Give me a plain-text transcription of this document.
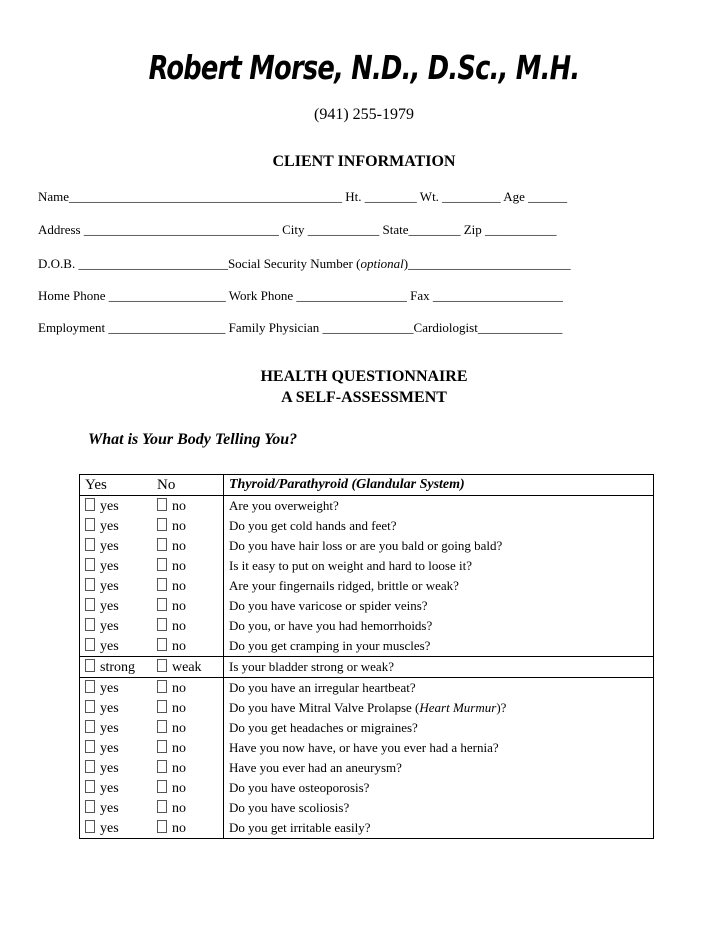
Robert Morse, N.D., D.Sc., M.H.
(941) 255-1979
CLIENT INFORMATION
Name__________________________________________ Ht. ________ Wt. _________ Age ______
Address ______________________________ City ___________ State________ Zip ___________
D.O.B. _______________________Social Security Number (optional)_________________________
Home Phone __________________ Work Phone _________________ Fax ____________________
Employment __________________ Family Physician ______________Cardiologist_____________
HEALTH QUESTIONNAIRE
A SELF-ASSESSMENT
What is Your Body Telling You?
Yes	No	Thyroid/Parathyroid (Glandular System)
yes	no	Are you overweight?
yes	no	Do you get cold hands and feet?
yes	no	Do you have hair loss or are you bald or going bald?
yes	no	Is it easy to put on weight and hard to loose it?
yes	no	Are your fingernails ridged, brittle or weak?
yes	no	Do you have varicose or spider veins?
yes	no	Do you, or have you had hemorrhoids?
yes	no	Do you get cramping in your muscles?
strong	weak	Is your bladder strong or weak?
yes	no	Do you have an irregular heartbeat?
yes	no	Do you have Mitral Valve Prolapse (Heart Murmur)?
yes	no	Do you get headaches or migraines?
yes	no	Have you now have, or have you ever had a hernia?
yes	no	Have you ever had an aneurysm?
yes	no	Do you have osteoporosis?
yes	no	Do you have scoliosis?
yes	no	Do you get irritable easily?
